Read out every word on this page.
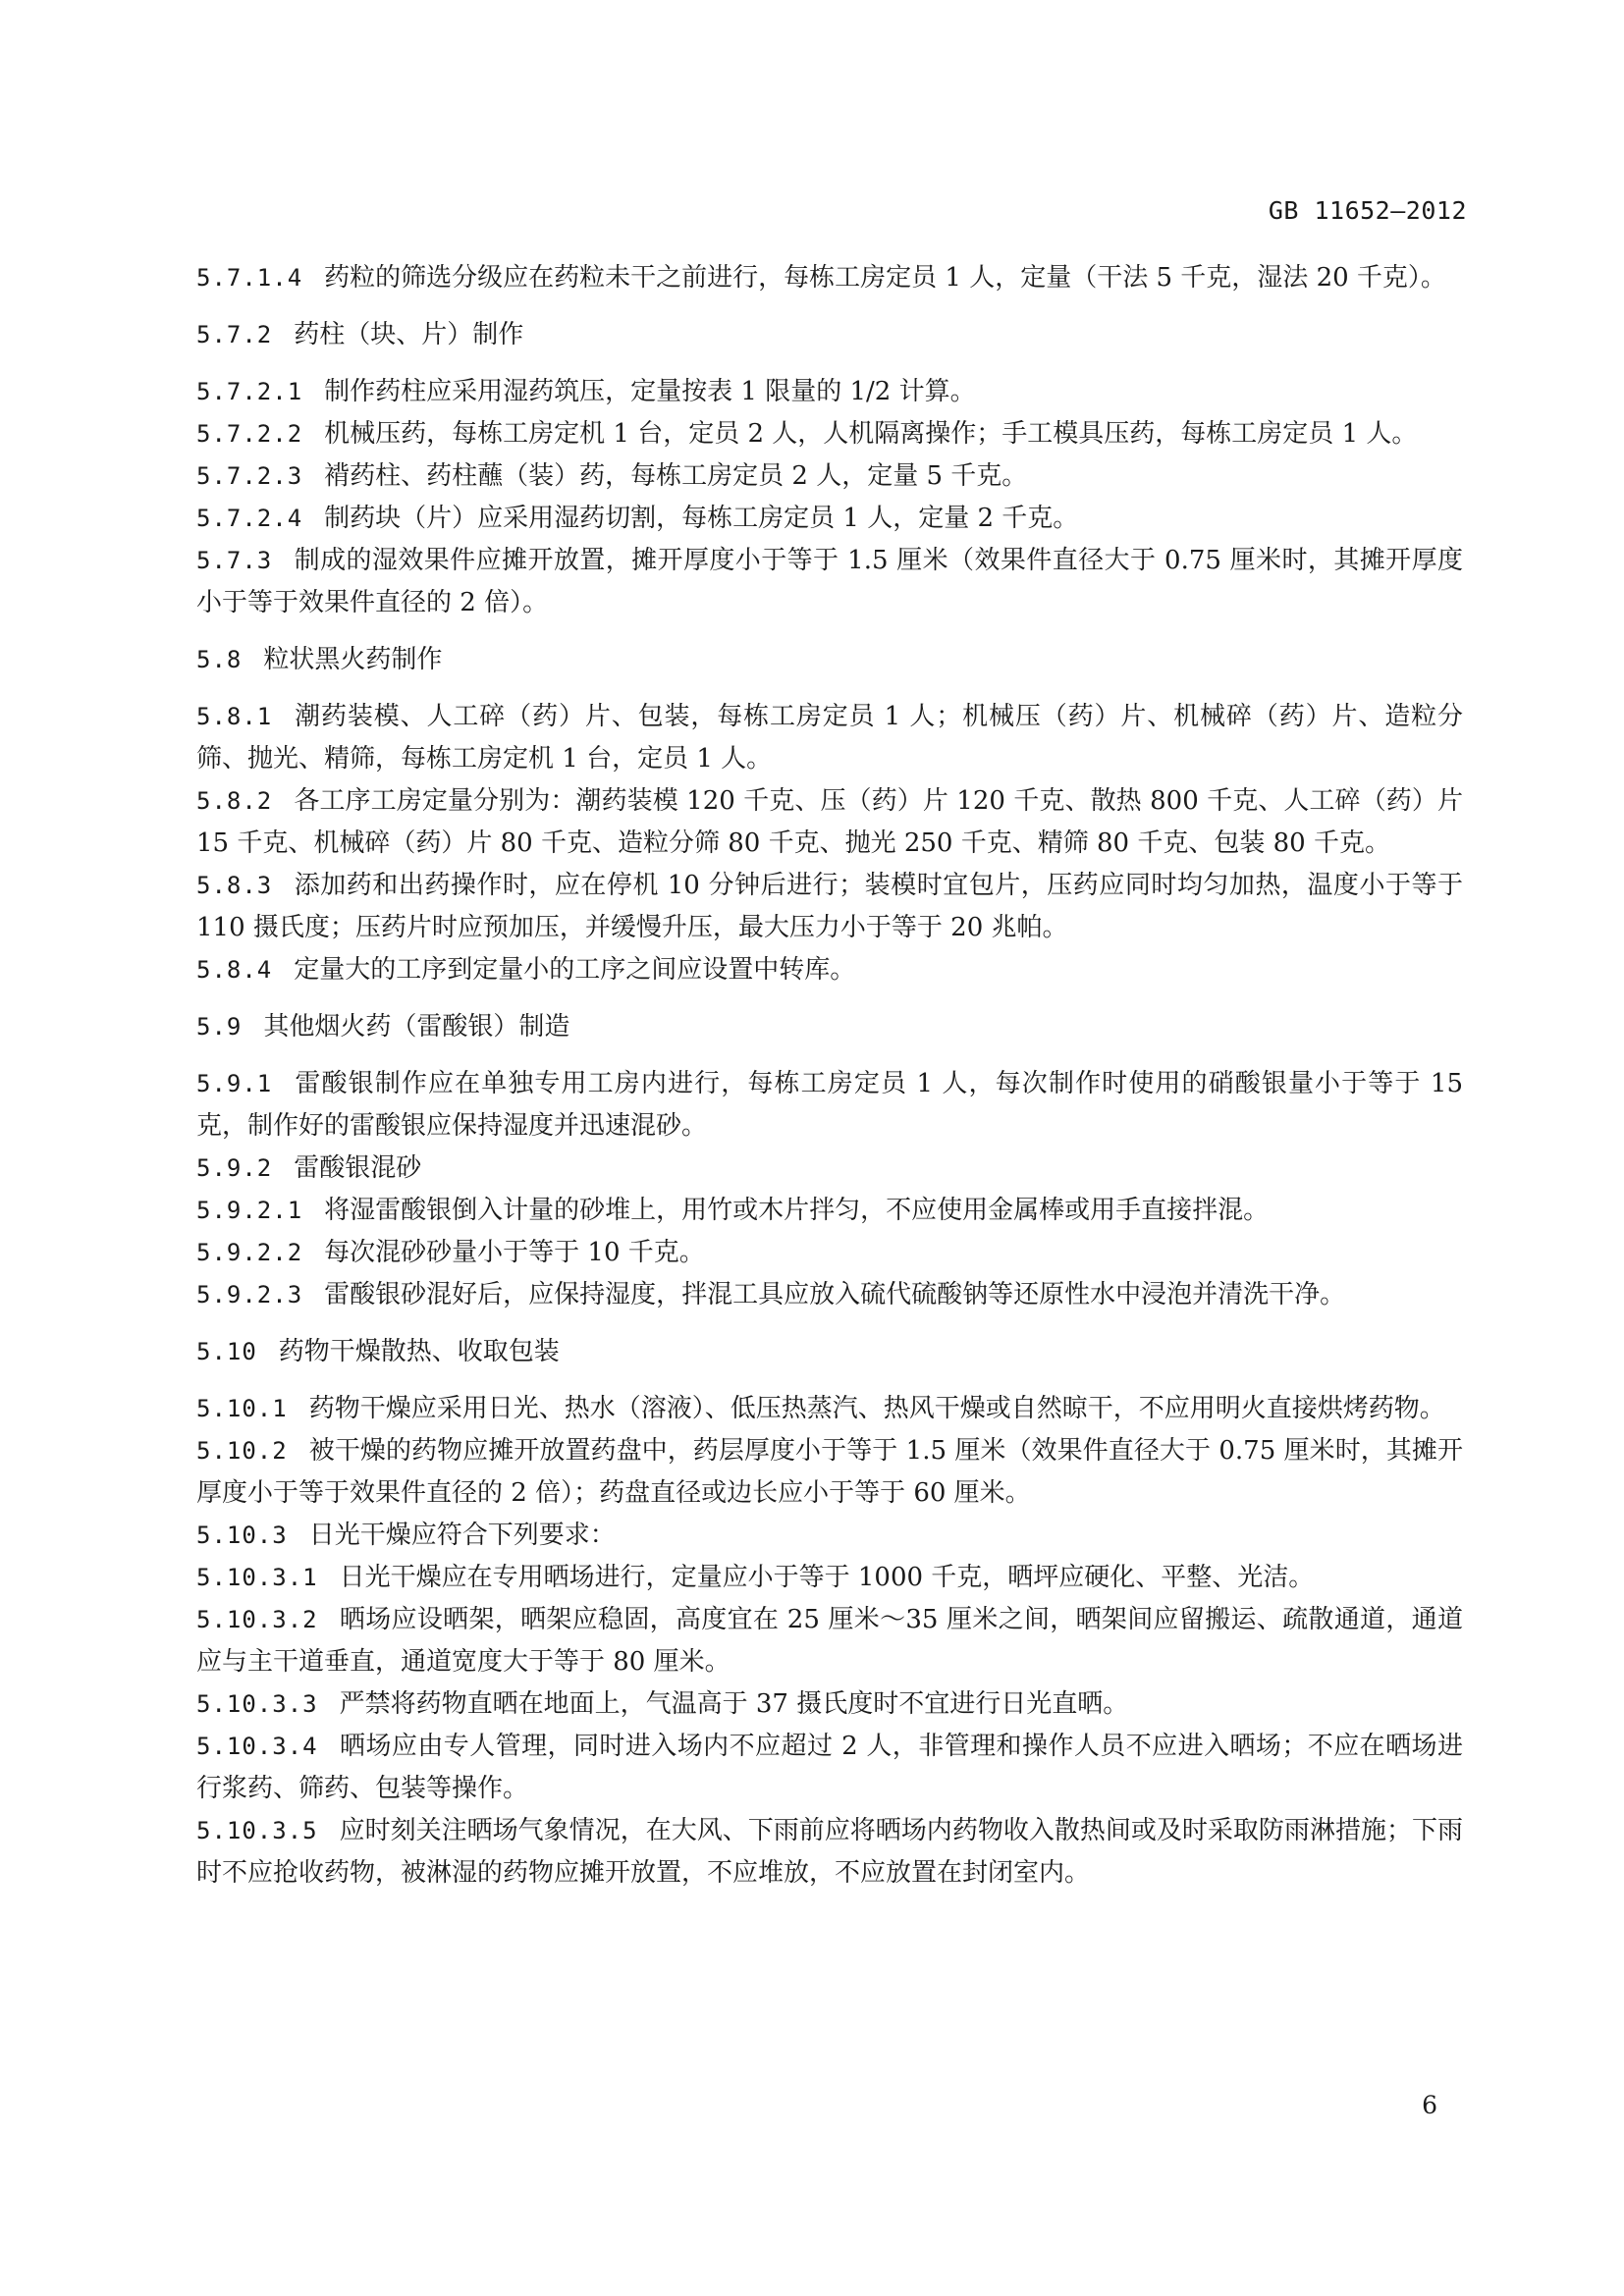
GB 11652—2012

5.7.1.4 药粒的筛选分级应在药粒未干之前进行，每栋工房定员 1 人，定量（干法 5 千克，湿法 20 千克）。

5.7.2 药柱（块、片）制作

5.7.2.1 制作药柱应采用湿药筑压，定量按表 1 限量的 1/2 计算。

5.7.2.2 机械压药，每栋工房定机 1 台，定员 2 人，人机隔离操作；手工模具压药，每栋工房定员 1 人。

5.7.2.3 褙药柱、药柱蘸（装）药，每栋工房定员 2 人，定量 5 千克。

5.7.2.4 制药块（片）应采用湿药切割，每栋工房定员 1 人，定量 2 千克。

5.7.3 制成的湿效果件应摊开放置，摊开厚度小于等于 1.5 厘米（效果件直径大于 0.75 厘米时，其摊开厚度小于等于效果件直径的 2 倍）。

5.8 粒状黑火药制作

5.8.1 潮药装模、人工碎（药）片、包装，每栋工房定员 1 人；机械压（药）片、机械碎（药）片、造粒分筛、抛光、精筛，每栋工房定机 1 台，定员 1 人。

5.8.2 各工序工房定量分别为：潮药装模 120 千克、压（药）片 120 千克、散热 800 千克、人工碎（药）片 15 千克、机械碎（药）片 80 千克、造粒分筛 80 千克、抛光 250 千克、精筛 80 千克、包装 80 千克。

5.8.3 添加药和出药操作时，应在停机 10 分钟后进行；装模时宜包片，压药应同时均匀加热，温度小于等于 110 摄氏度；压药片时应预加压，并缓慢升压，最大压力小于等于 20 兆帕。

5.8.4 定量大的工序到定量小的工序之间应设置中转库。

5.9 其他烟火药（雷酸银）制造

5.9.1 雷酸银制作应在单独专用工房内进行，每栋工房定员 1 人，每次制作时使用的硝酸银量小于等于 15 克，制作好的雷酸银应保持湿度并迅速混砂。

5.9.2 雷酸银混砂

5.9.2.1 将湿雷酸银倒入计量的砂堆上，用竹或木片拌匀，不应使用金属棒或用手直接拌混。

5.9.2.2 每次混砂砂量小于等于 10 千克。

5.9.2.3 雷酸银砂混好后，应保持湿度，拌混工具应放入硫代硫酸钠等还原性水中浸泡并清洗干净。

5.10 药物干燥散热、收取包装

5.10.1 药物干燥应采用日光、热水（溶液）、低压热蒸汽、热风干燥或自然晾干，不应用明火直接烘烤药物。

5.10.2 被干燥的药物应摊开放置药盘中，药层厚度小于等于 1.5 厘米（效果件直径大于 0.75 厘米时，其摊开厚度小于等于效果件直径的 2 倍）；药盘直径或边长应小于等于 60 厘米。

5.10.3 日光干燥应符合下列要求：

5.10.3.1 日光干燥应在专用晒场进行，定量应小于等于 1000 千克，晒坪应硬化、平整、光洁。

5.10.3.2 晒场应设晒架，晒架应稳固，高度宜在 25 厘米～35 厘米之间，晒架间应留搬运、疏散通道，通道应与主干道垂直，通道宽度大于等于 80 厘米。

5.10.3.3 严禁将药物直晒在地面上，气温高于 37 摄氏度时不宜进行日光直晒。

5.10.3.4 晒场应由专人管理，同时进入场内不应超过 2 人，非管理和操作人员不应进入晒场；不应在晒场进行浆药、筛药、包装等操作。

5.10.3.5 应时刻关注晒场气象情况，在大风、下雨前应将晒场内药物收入散热间或及时采取防雨淋措施；下雨时不应抢收药物，被淋湿的药物应摊开放置，不应堆放，不应放置在封闭室内。

6
